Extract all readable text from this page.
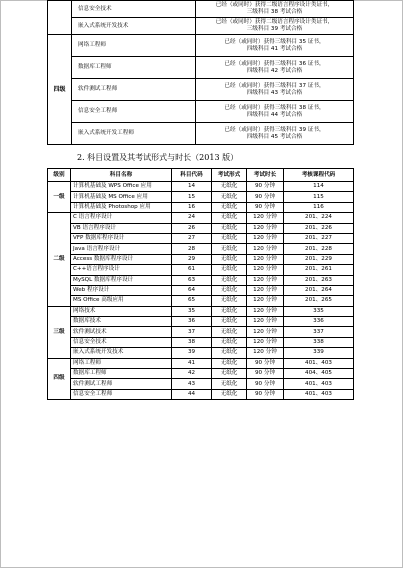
	信息安全技术	已经（或同时）获得二级语言程序设计类证书，
三级科目 38 考试合格

	嵌入式系统开发技术	已经（或同时）获得二级语言程序设计类证书，
三级科目 39 考试合格

四级	网络工程师	已经（或同时）获得三级科目 35 证书，
四级科目 41 考试合格

	数据库工程师	已经（或同时）获得三级科目 36 证书，
四级科目 42 考试合格

	软件测试工程师	已经（或同时）获得三级科目 37 证书，
四级科目 43 考试合格

	信息安全工程师	已经（或同时）获得三级科目 38 证书，
四级科目 44 考试合格

	嵌入式系统开发工程师	已经（或同时）获得三级科目 39 证书，
四级科目 45 考试合格
2. 科目设置及其考试形式与时长（2013 版）
级别	科目名称	科目代码	考试形式	考试时长	考核课程代码
一级	计算机基础及 WPS Office 应用	14	无纸化	90 分钟	114
	计算机基础及 MS Office 应用	15	无纸化	90 分钟	115
	计算机基础及 Photoshop 应用	16	无纸化	90 分钟	116
二级	C 语言程序设计	24	无纸化	120 分钟	201、224
	VB 语言程序设计	26	无纸化	120 分钟	201、226
	VFP 数据库程序设计	27	无纸化	120 分钟	201、227
	Java 语言程序设计	28	无纸化	120 分钟	201、228
	Access 数据库程序设计	29	无纸化	120 分钟	201、229
	C++语言程序设计	61	无纸化	120 分钟	201、261
	MySQL 数据库程序设计	63	无纸化	120 分钟	201、263
	Web 程序设计	64	无纸化	120 分钟	201、264
	MS Office 高级应用	65	无纸化	120 分钟	201、265
三级	网络技术	35	无纸化	120 分钟	335
	数据库技术	36	无纸化	120 分钟	336
	软件测试技术	37	无纸化	120 分钟	337
	信息安全技术	38	无纸化	120 分钟	338
	嵌入式系统开发技术	39	无纸化	120 分钟	339
四级	网络工程师	41	无纸化	90 分钟	401、403
	数据库工程师	42	无纸化	90 分钟	404、405
	软件测试工程师	43	无纸化	90 分钟	401、403
	信息安全工程师	44	无纸化	90 分钟	401、403
